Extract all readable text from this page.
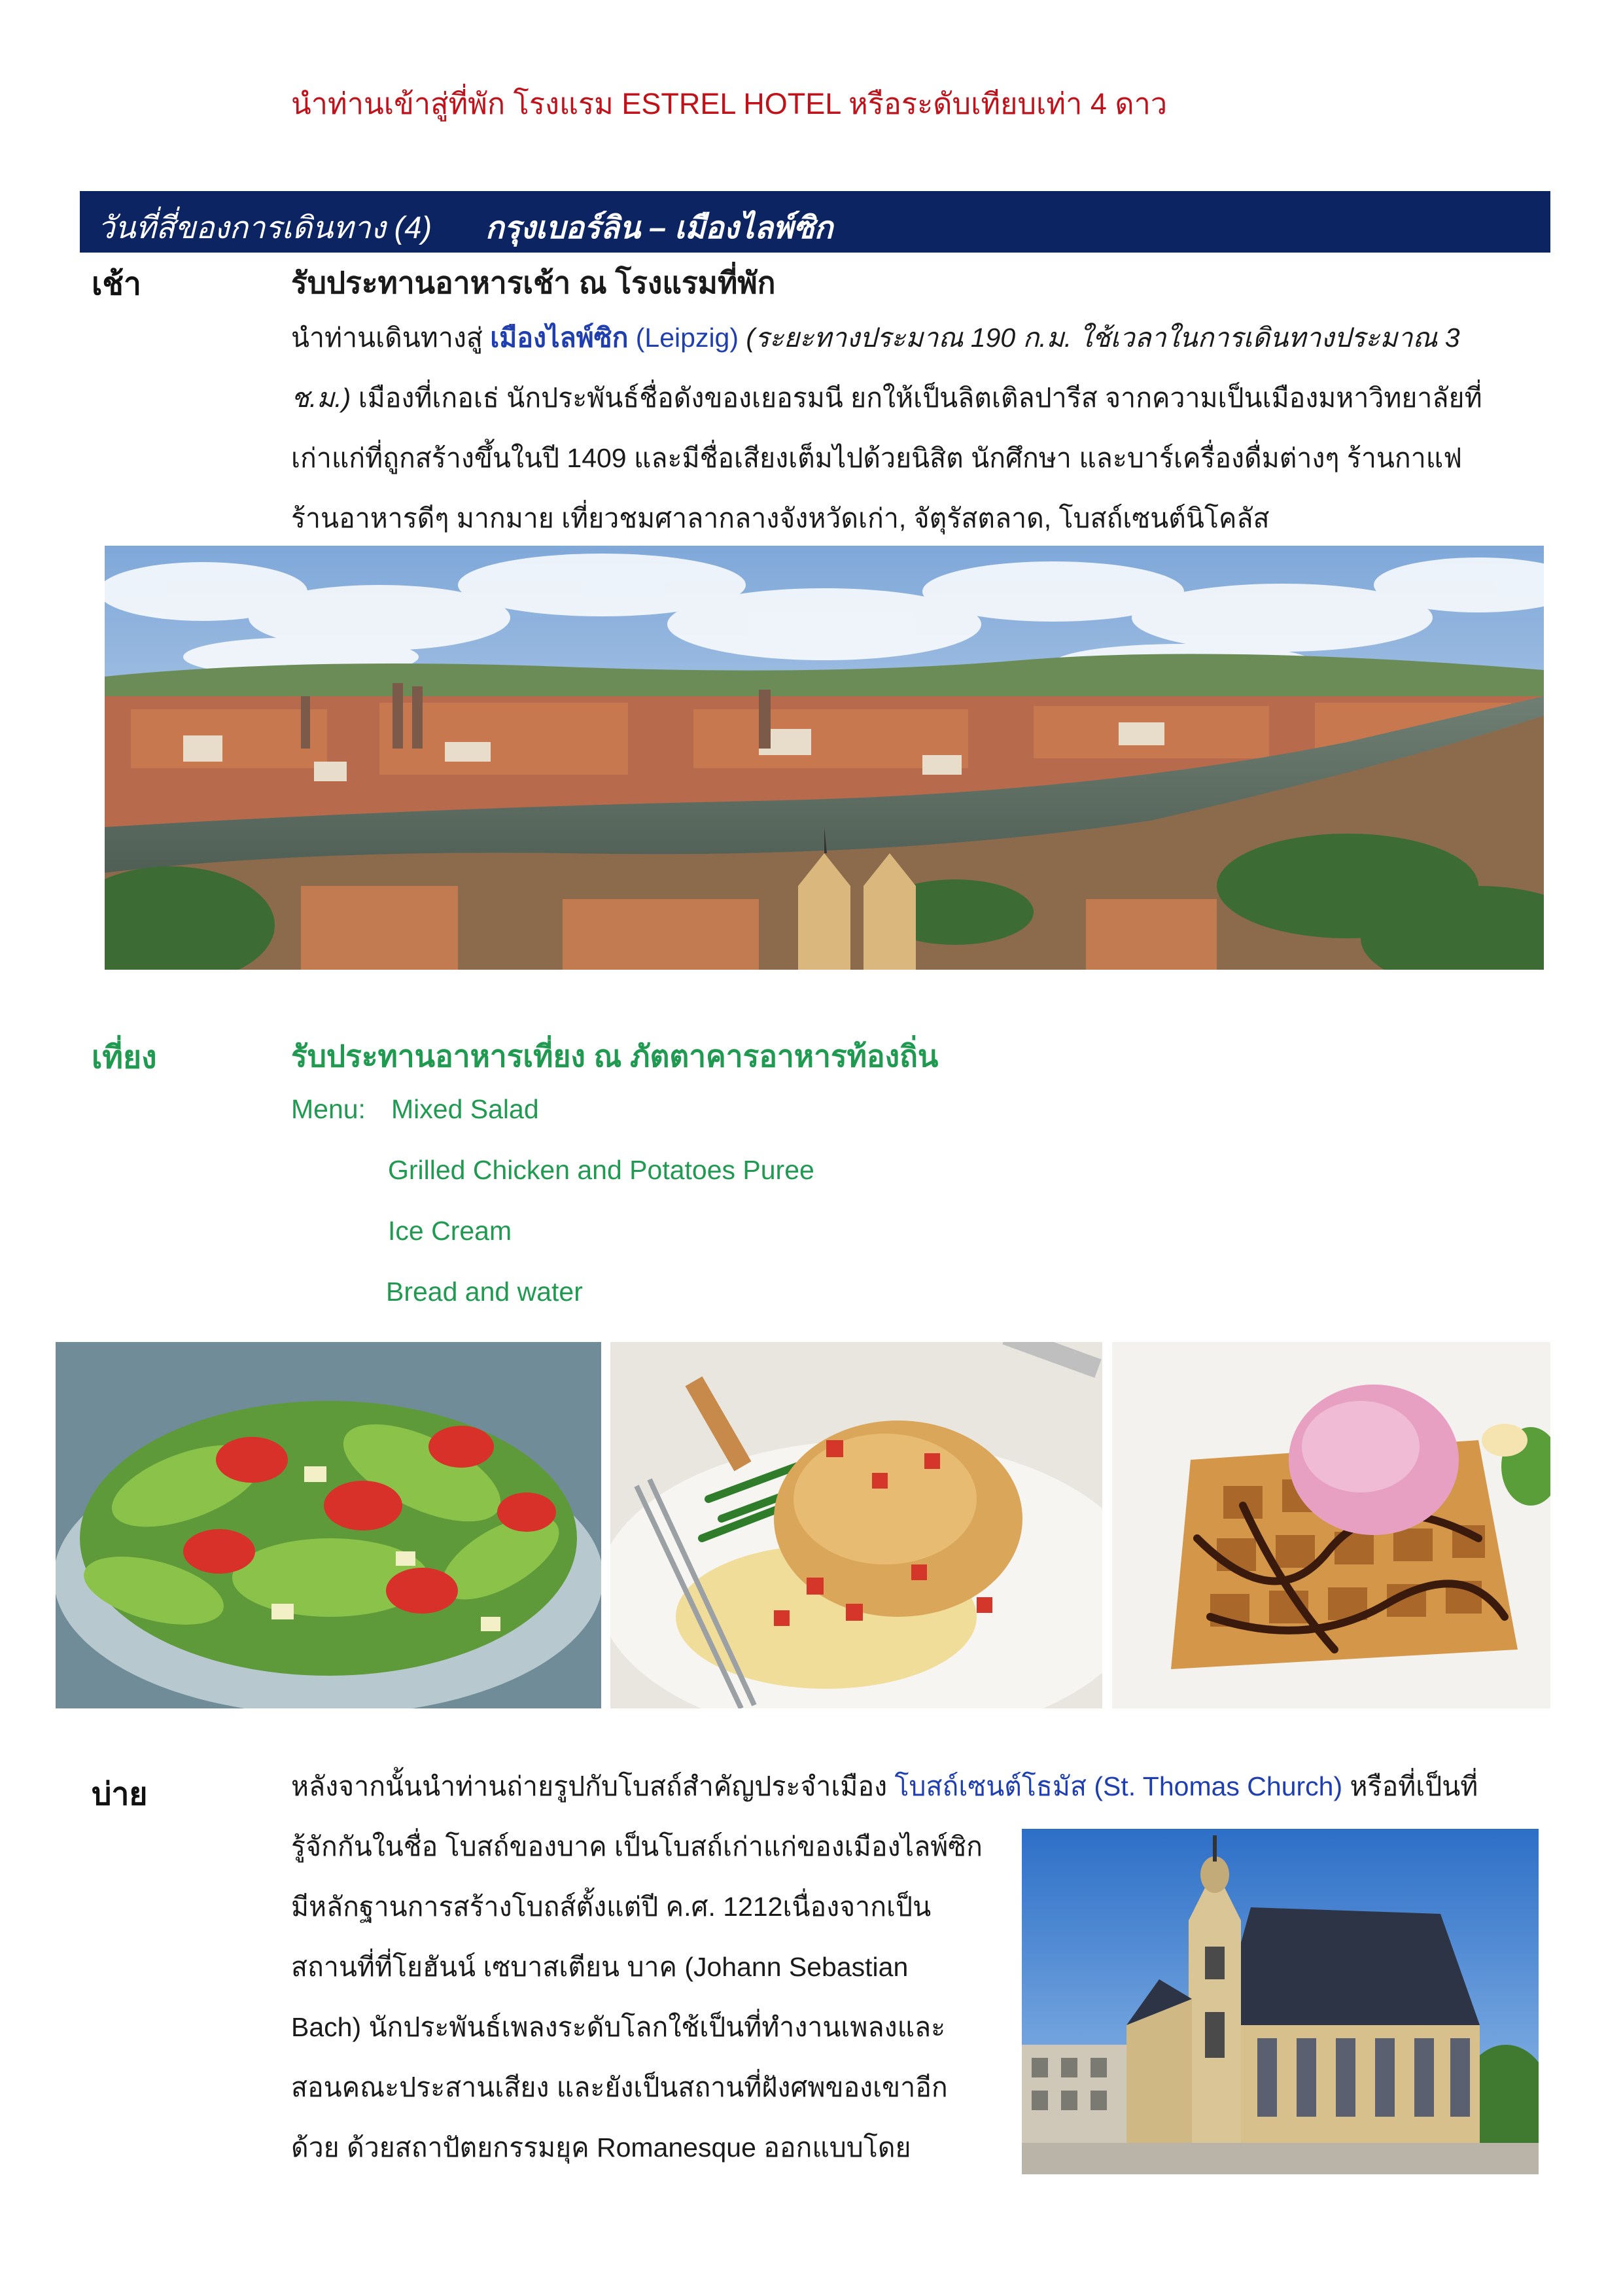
นำท่านเข้าสู่ที่พัก โรงแรม ESTREL HOTEL หรือระดับเทียบเท่า 4 ดาว
วันที่สี่ของการเดินทาง (4) กรุงเบอร์ลิน – เมืองไลพ์ซิก
เช้า	รับประทานอาหารเช้า ณ โรงแรมที่พัก
นำท่านเดินทางสู่ เมืองไลพ์ซิก (Leipzig) (ระยะทางประมาณ 190 ก.ม. ใช้เวลาในการเดินทางประมาณ 3
ช.ม.) เมืองที่เกอเธ่ นักประพันธ์ชื่อดังของเยอรมนี ยกให้เป็นลิตเติลปารีส จากความเป็นเมืองมหาวิทยาลัยที่
เก่าแก่ที่ถูกสร้างขึ้นในปี 1409 และมีชื่อเสียงเต็มไปด้วยนิสิต นักศึกษา และบาร์เครื่องดื่มต่างๆ ร้านกาแฟ
ร้านอาหารดีๆ มากมาย เที่ยวชมศาลากลางจังหวัดเก่า, จัตุรัสตลาด, โบสถ์เซนต์นิโคลัส
เที่ยง	รับประทานอาหารเที่ยง ณ ภัตตาคารอาหารท้องถิ่น
Menu: Mixed Salad
Grilled Chicken and Potatoes Puree
Ice Cream
Bread and water
บ่าย	หลังจากนั้นนำท่านถ่ายรูปกับโบสถ์สำคัญประจำเมือง โบสถ์เซนต์โธมัส (St. Thomas Church) หรือที่เป็นที่
รู้จักกันในชื่อ โบสถ์ของบาค เป็นโบสถ์เก่าแก่ของเมืองไลพ์ซิก
มีหลักฐานการสร้างโบถส์ตั้งแต่ปี ค.ศ. 1212เนื่องจากเป็น
สถานที่ที่โยฮันน์ เซบาสเตียน บาค (Johann Sebastian
Bach) นักประพันธ์เพลงระดับโลกใช้เป็นที่ทำงานเพลงและ
สอนคณะประสานเสียง และยังเป็นสถานที่ฝังศพของเขาอีก
ด้วย ด้วยสถาปัตยกรรมยุค Romanesque ออกแบบโดย
